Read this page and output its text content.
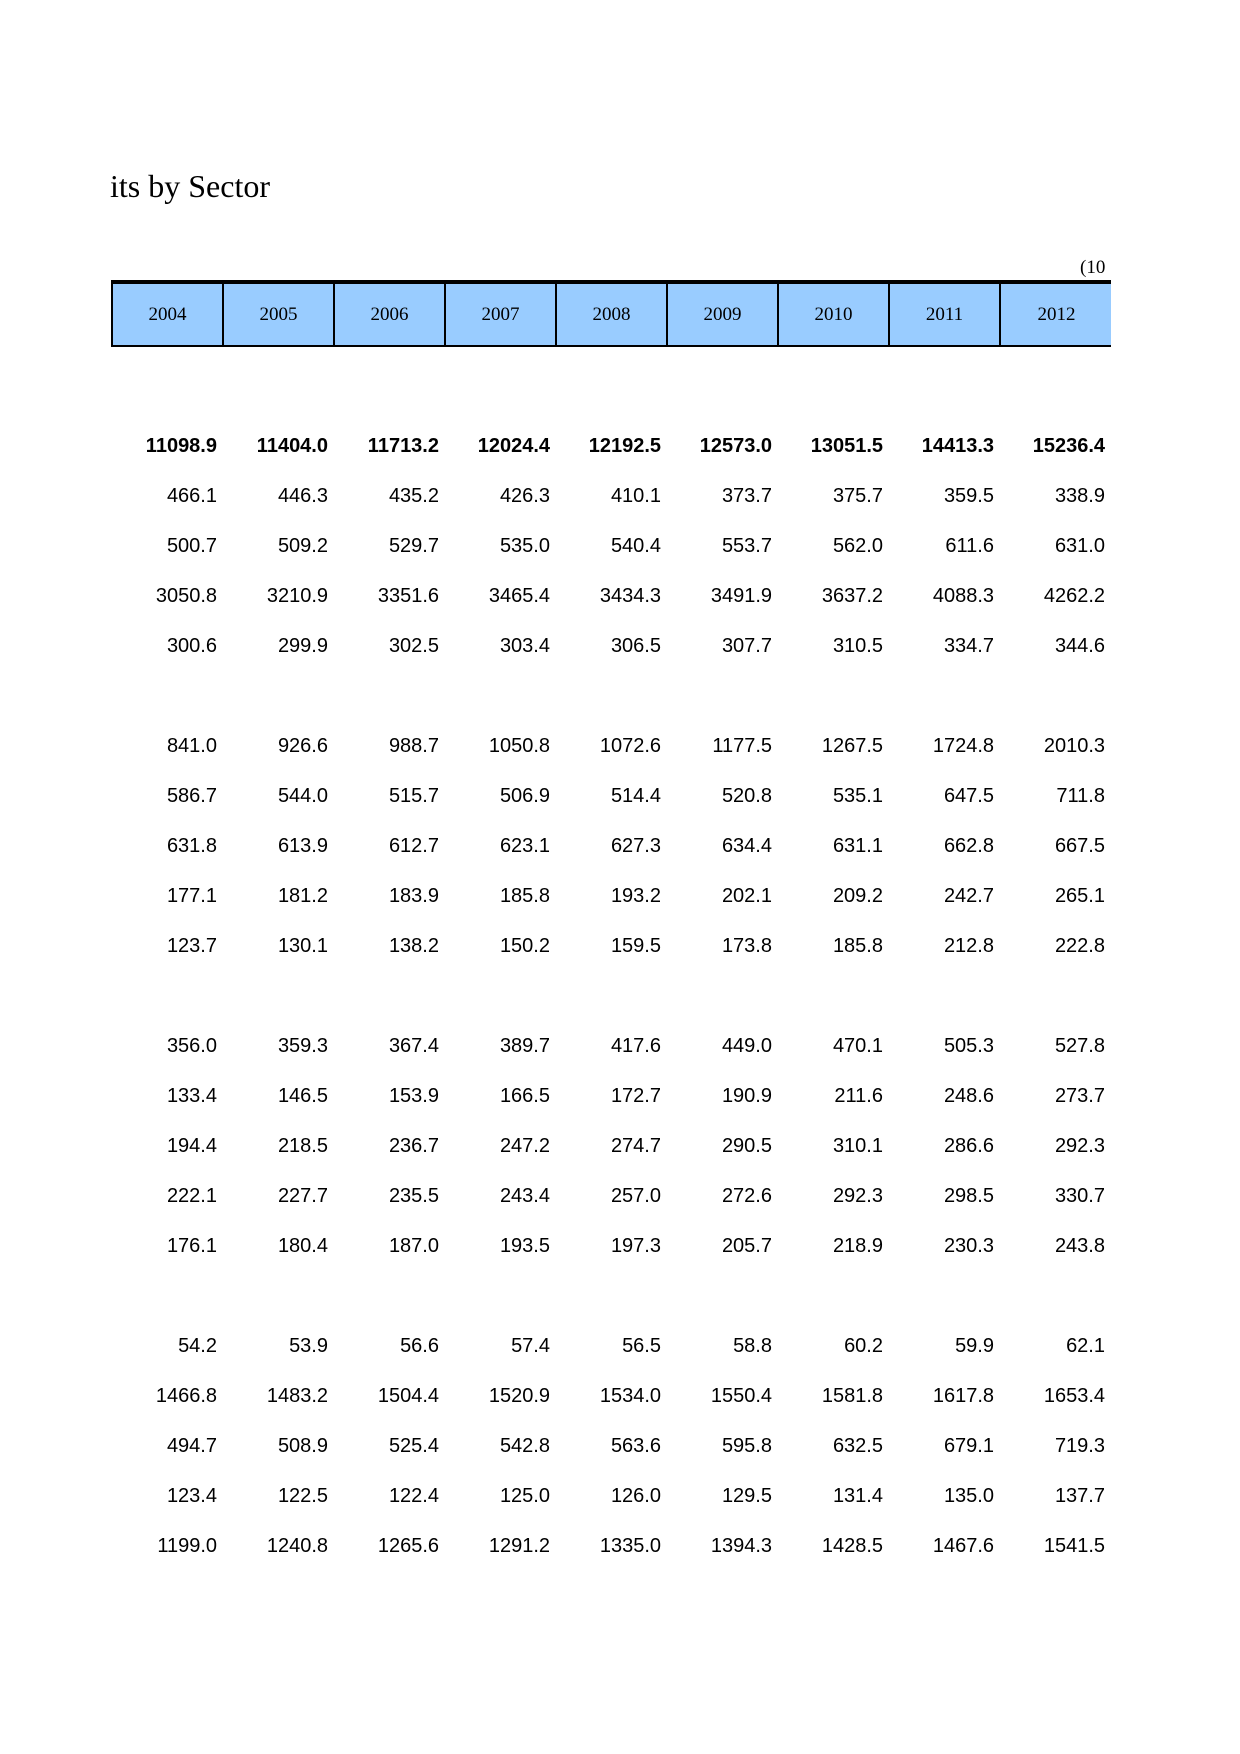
its by Sector
(10
2004	2005	2006	2007	2008	2009	2010	2011	2012
11098.9	11404.0	11713.2	12024.4	12192.5	12573.0	13051.5	14413.3	15236.4
466.1	446.3	435.2	426.3	410.1	373.7	375.7	359.5	338.9
500.7	509.2	529.7	535.0	540.4	553.7	562.0	611.6	631.0
3050.8	3210.9	3351.6	3465.4	3434.3	3491.9	3637.2	4088.3	4262.2
300.6	299.9	302.5	303.4	306.5	307.7	310.5	334.7	344.6
841.0	926.6	988.7	1050.8	1072.6	1177.5	1267.5	1724.8	2010.3
586.7	544.0	515.7	506.9	514.4	520.8	535.1	647.5	711.8
631.8	613.9	612.7	623.1	627.3	634.4	631.1	662.8	667.5
177.1	181.2	183.9	185.8	193.2	202.1	209.2	242.7	265.1
123.7	130.1	138.2	150.2	159.5	173.8	185.8	212.8	222.8
356.0	359.3	367.4	389.7	417.6	449.0	470.1	505.3	527.8
133.4	146.5	153.9	166.5	172.7	190.9	211.6	248.6	273.7
194.4	218.5	236.7	247.2	274.7	290.5	310.1	286.6	292.3
222.1	227.7	235.5	243.4	257.0	272.6	292.3	298.5	330.7
176.1	180.4	187.0	193.5	197.3	205.7	218.9	230.3	243.8
54.2	53.9	56.6	57.4	56.5	58.8	60.2	59.9	62.1
1466.8	1483.2	1504.4	1520.9	1534.0	1550.4	1581.8	1617.8	1653.4
494.7	508.9	525.4	542.8	563.6	595.8	632.5	679.1	719.3
123.4	122.5	122.4	125.0	126.0	129.5	131.4	135.0	137.7
1199.0	1240.8	1265.6	1291.2	1335.0	1394.3	1428.5	1467.6	1541.5
